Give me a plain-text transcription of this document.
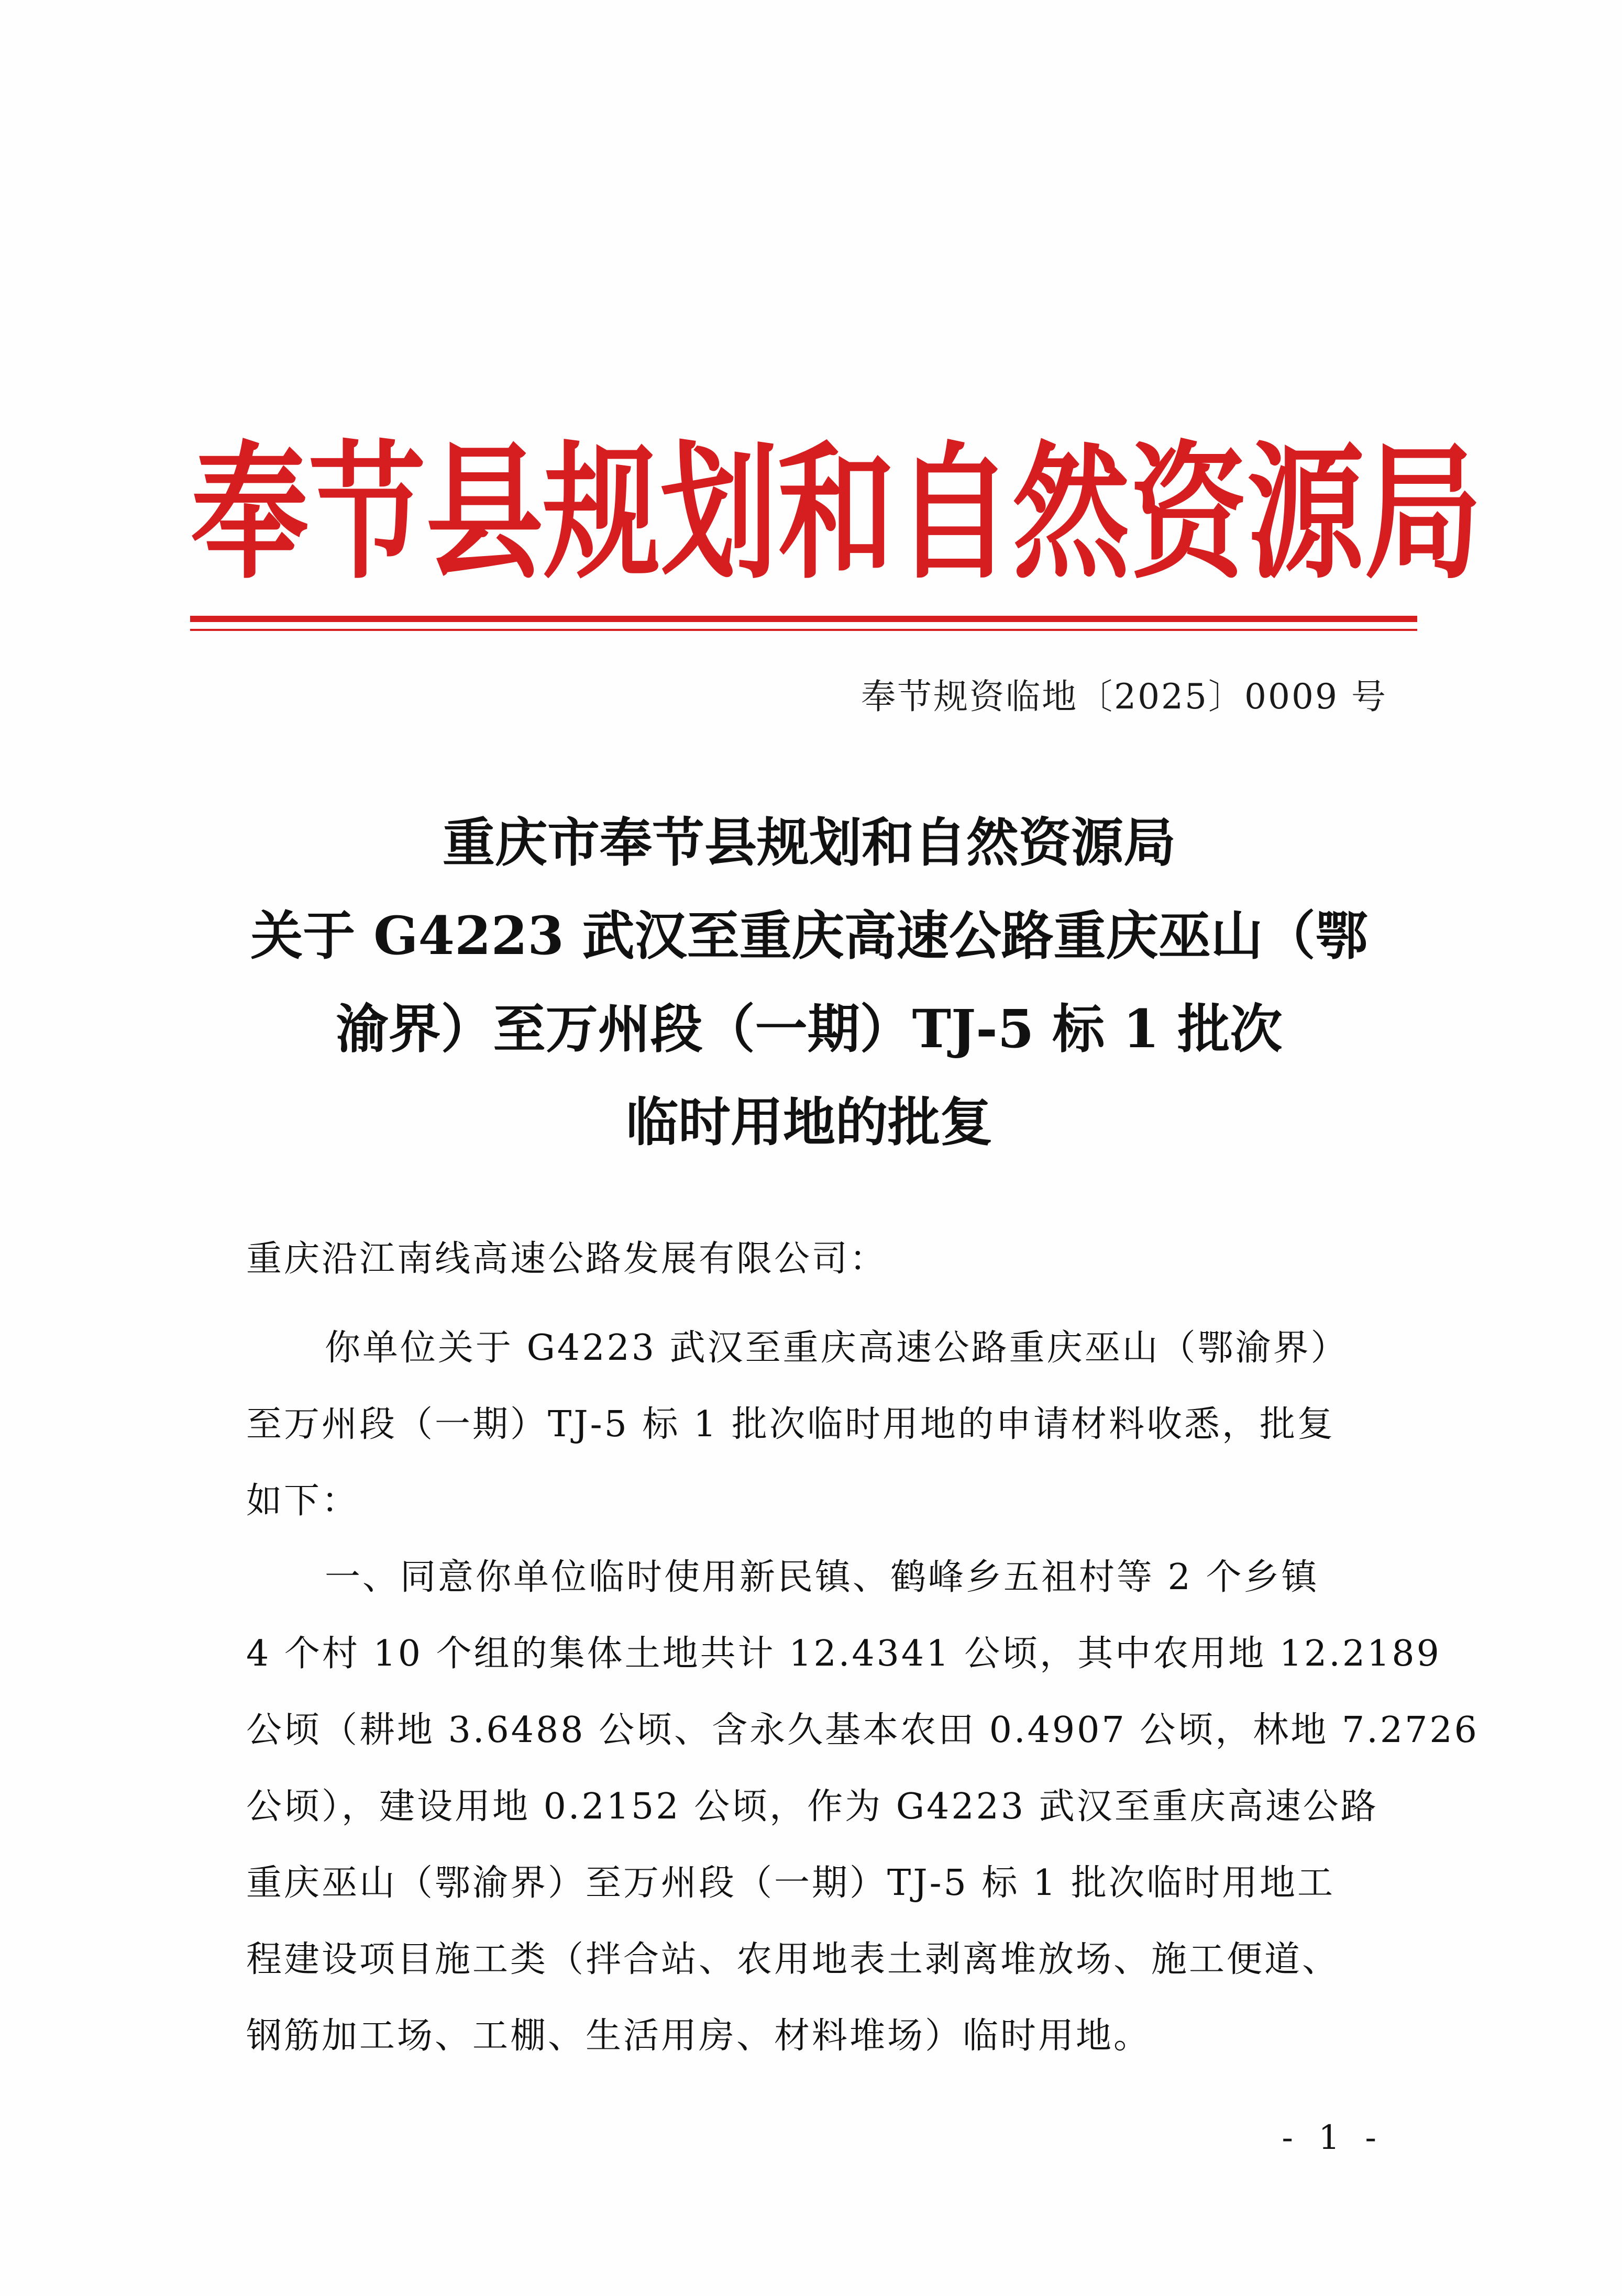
奉 节 县 规 划 和 自 然 资 源 局
奉节规资临地〔2025〕0009 号
重庆市奉节县规划和自然资源局
关于 G4223 武汉至重庆高速公路重庆巫山（鄂
渝界）至万州段（一期）TJ-5 标 1 批次
临时用地的批复
重庆沿江南线高速公路发展有限公司：
你单位关于 G4223 武汉至重庆高速公路重庆巫山（鄂渝界）
至万州段（一期）TJ-5 标 1 批次临时用地的申请材料收悉，批复
如下：
一、同意你单位临时使用新民镇、鹤峰乡五祖村等 2 个乡镇
4 个村 10 个组的集体土地共计 12.4341 公顷，其中农用地 12.2189
公顷（耕地 3.6488 公顷、含永久基本农田 0.4907 公顷，林地 7.2726
公顷），建设用地 0.2152 公顷，作为 G4223 武汉至重庆高速公路
重庆巫山（鄂渝界）至万州段（一期）TJ-5 标 1 批次临时用地工
程建设项目施工类（拌合站、农用地表土剥离堆放场、施工便道、
钢筋加工场、工棚、生活用房、材料堆场）临时用地。
- 1 -
